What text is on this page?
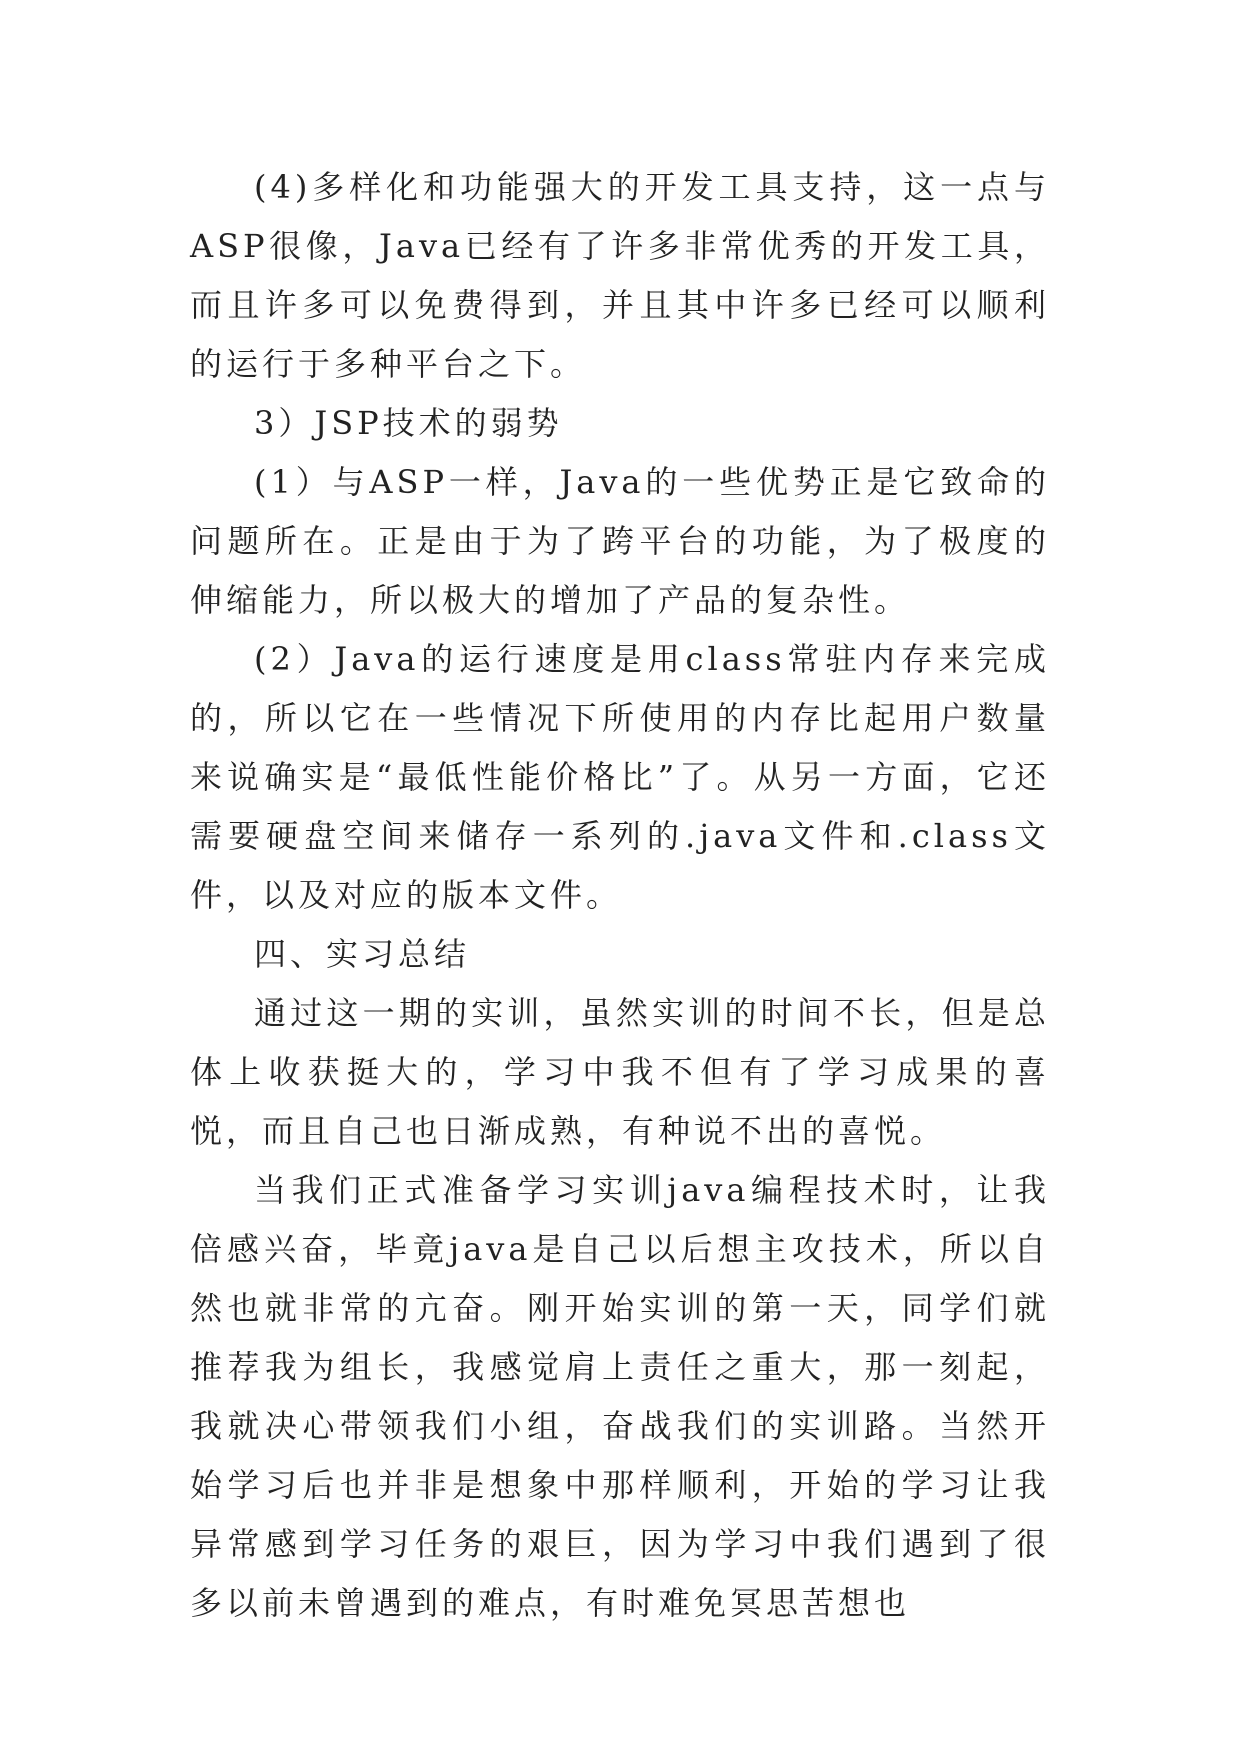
(4)多样化和功能强大的开发工具支持，这一点与ASP很像，Java已经有了许多非常优秀的开发工具，而且许多可以免费得到，并且其中许多已经可以顺利的运行于多种平台之下。

3）JSP技术的弱势

(1）与ASP一样，Java的一些优势正是它致命的问题所在。正是由于为了跨平台的功能，为了极度的伸缩能力，所以极大的增加了产品的复杂性。

(2）Java的运行速度是用class常驻内存来完成的，所以它在一些情况下所使用的内存比起用户数量来说确实是“最低性能价格比”了。从另一方面，它还需要硬盘空间来储存一系列的.java文件和.class文件，以及对应的版本文件。

四、实习总结

通过这一期的实训，虽然实训的时间不长，但是总体上收获挺大的，学习中我不但有了学习成果的喜悦，而且自己也日渐成熟，有种说不出的喜悦。

当我们正式准备学习实训java编程技术时，让我倍感兴奋，毕竟java是自己以后想主攻技术，所以自然也就非常的亢奋。刚开始实训的第一天，同学们就推荐我为组长，我感觉肩上责任之重大，那一刻起，我就决心带领我们小组，奋战我们的实训路。当然开始学习后也并非是想象中那样顺利，开始的学习让我异常感到学习任务的艰巨，因为学习中我们遇到了很多以前未曾遇到的难点，有时难免冥思苦想也
